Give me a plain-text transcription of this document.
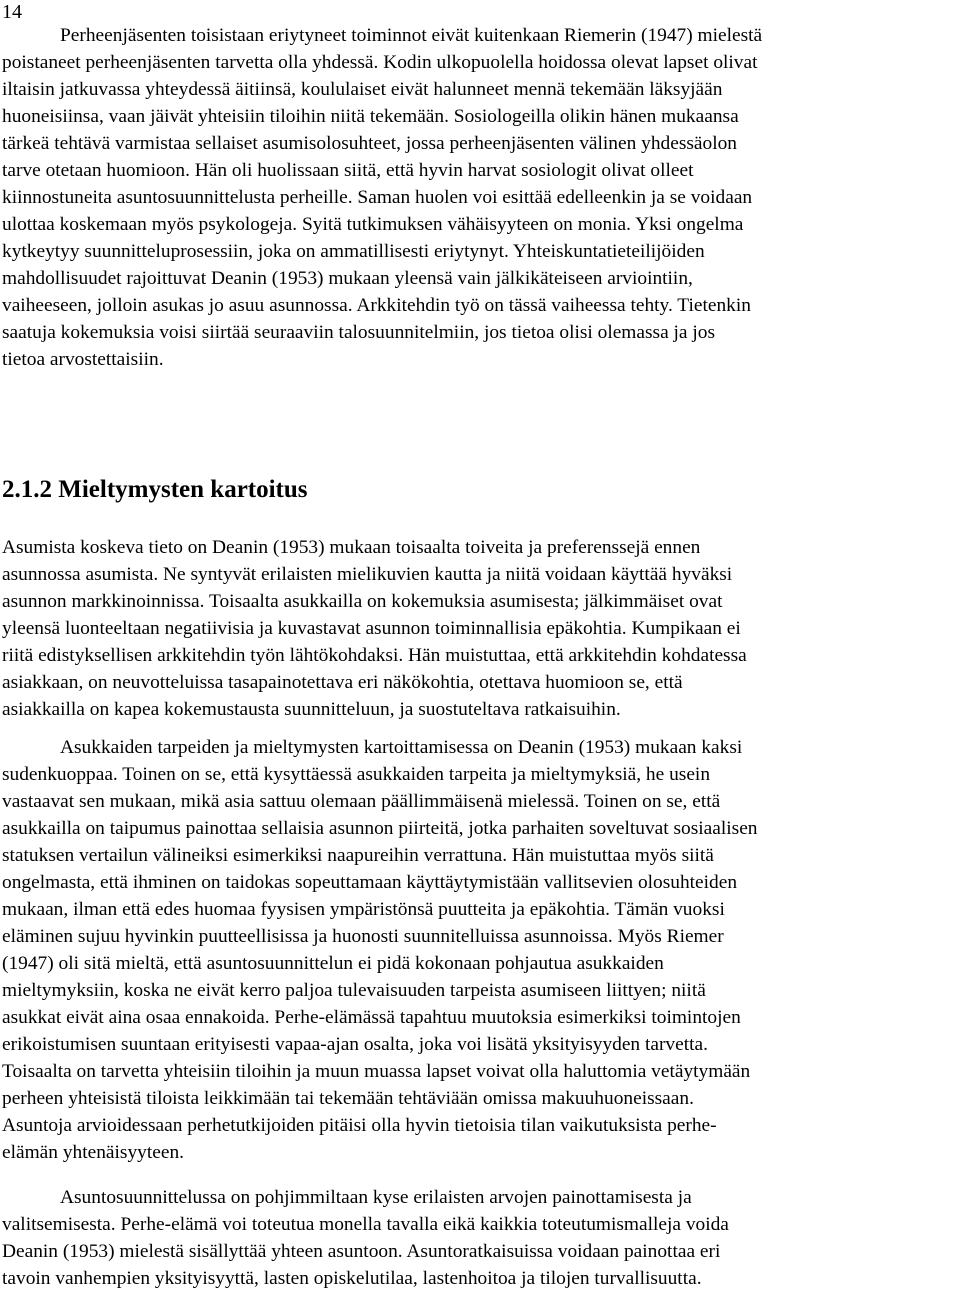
14

Perheenjäsenten toisistaan eriytyneet toiminnot eivät kuitenkaan Riemerin (1947) mielestä
poistaneet perheenjäsenten tarvetta olla yhdessä. Kodin ulkopuolella hoidossa olevat lapset olivat
iltaisin jatkuvassa yhteydessä äitiinsä, koululaiset eivät halunneet mennä tekemään läksyjään
huoneisiinsa, vaan jäivät yhteisiin tiloihin niitä tekemään. Sosiologeilla olikin hänen mukaansa
tärkeä tehtävä varmistaa sellaiset asumisolosuhteet, jossa perheenjäsenten välinen yhdessäolon
tarve otetaan huomioon. Hän oli huolissaan siitä, että hyvin harvat sosiologit olivat olleet
kiinnostuneita asuntosuunnittelusta perheille. Saman huolen voi esittää edelleenkin ja se voidaan
ulottaa koskemaan myös psykologeja. Syitä tutkimuksen vähäisyyteen on monia. Yksi ongelma
kytkeytyy suunnitteluprosessiin, joka on ammatillisesti eriytynyt. Yhteiskuntatieteilijöiden
mahdollisuudet rajoittuvat Deanin (1953) mukaan yleensä vain jälkikäteiseen arviointiin,
vaiheeseen, jolloin asukas jo asuu asunnossa. Arkkitehdin työ on tässä vaiheessa tehty. Tietenkin
saatuja kokemuksia voisi siirtää seuraaviin talosuunnitelmiin, jos tietoa olisi olemassa ja jos
tietoa arvostettaisiin.

2.1.2 Mieltymysten kartoitus

Asumista koskeva tieto on Deanin (1953) mukaan toisaalta toiveita ja preferenssejä ennen
asunnossa asumista. Ne syntyvät erilaisten mielikuvien kautta ja niitä voidaan käyttää hyväksi
asunnon markkinoinnissa. Toisaalta asukkailla on kokemuksia asumisesta; jälkimmäiset ovat
yleensä luonteeltaan negatiivisia ja kuvastavat asunnon toiminnallisia epäkohtia. Kumpikaan ei
riitä edistyksellisen arkkitehdin työn lähtökohdaksi. Hän muistuttaa, että arkkitehdin kohdatessa
asiakkaan, on neuvotteluissa tasapainotettava eri näkökohtia, otettava huomioon se, että
asiakkailla on kapea kokemustausta suunnitteluun, ja suostuteltava ratkaisuihin.

Asukkaiden tarpeiden ja mieltymysten kartoittamisessa on Deanin (1953) mukaan kaksi
sudenkuoppaa. Toinen on se, että kysyttäessä asukkaiden tarpeita ja mieltymyksiä, he usein
vastaavat sen mukaan, mikä asia sattuu olemaan päällimmäisenä mielessä. Toinen on se, että
asukkailla on taipumus painottaa sellaisia asunnon piirteitä, jotka parhaiten soveltuvat sosiaalisen
statuksen vertailun välineiksi esimerkiksi naapureihin verrattuna. Hän muistuttaa myös siitä
ongelmasta, että ihminen on taidokas sopeuttamaan käyttäytymistään vallitsevien olosuhteiden
mukaan, ilman että edes huomaa fyysisen ympäristönsä puutteita ja epäkohtia. Tämän vuoksi
eläminen sujuu hyvinkin puutteellisissa ja huonosti suunnitelluissa asunnoissa. Myös Riemer
(1947) oli sitä mieltä, että asuntosuunnittelun ei pidä kokonaan pohjautua asukkaiden
mieltymyksiin, koska ne eivät kerro paljoa tulevaisuuden tarpeista asumiseen liittyen; niitä
asukkat eivät aina osaa ennakoida. Perhe-elämässä tapahtuu muutoksia esimerkiksi toimintojen
erikoistumisen suuntaan erityisesti vapaa-ajan osalta, joka voi lisätä yksityisyyden tarvetta.
Toisaalta on tarvetta yhteisiin tiloihin ja muun muassa lapset voivat olla haluttomia vetäytymään
perheen yhteisistä tiloista leikkimään tai tekemään tehtäviään omissa makuuhuoneissaan.
Asuntoja arvioidessaan perhetutkijoiden pitäisi olla hyvin tietoisia tilan vaikutuksista perhe-
elämän yhtenäisyyteen.

Asuntosuunnittelussa on pohjimmiltaan kyse erilaisten arvojen painottamisesta ja
valitsemisesta. Perhe-elämä voi toteutua monella tavalla eikä kaikkia toteutumismalleja voida
Deanin (1953) mielestä sisällyttää yhteen asuntoon. Asuntoratkaisuissa voidaan painottaa eri
tavoin vanhempien yksityisyyttä, lasten opiskelutilaa, lastenhoitoa ja tilojen turvallisuutta.
